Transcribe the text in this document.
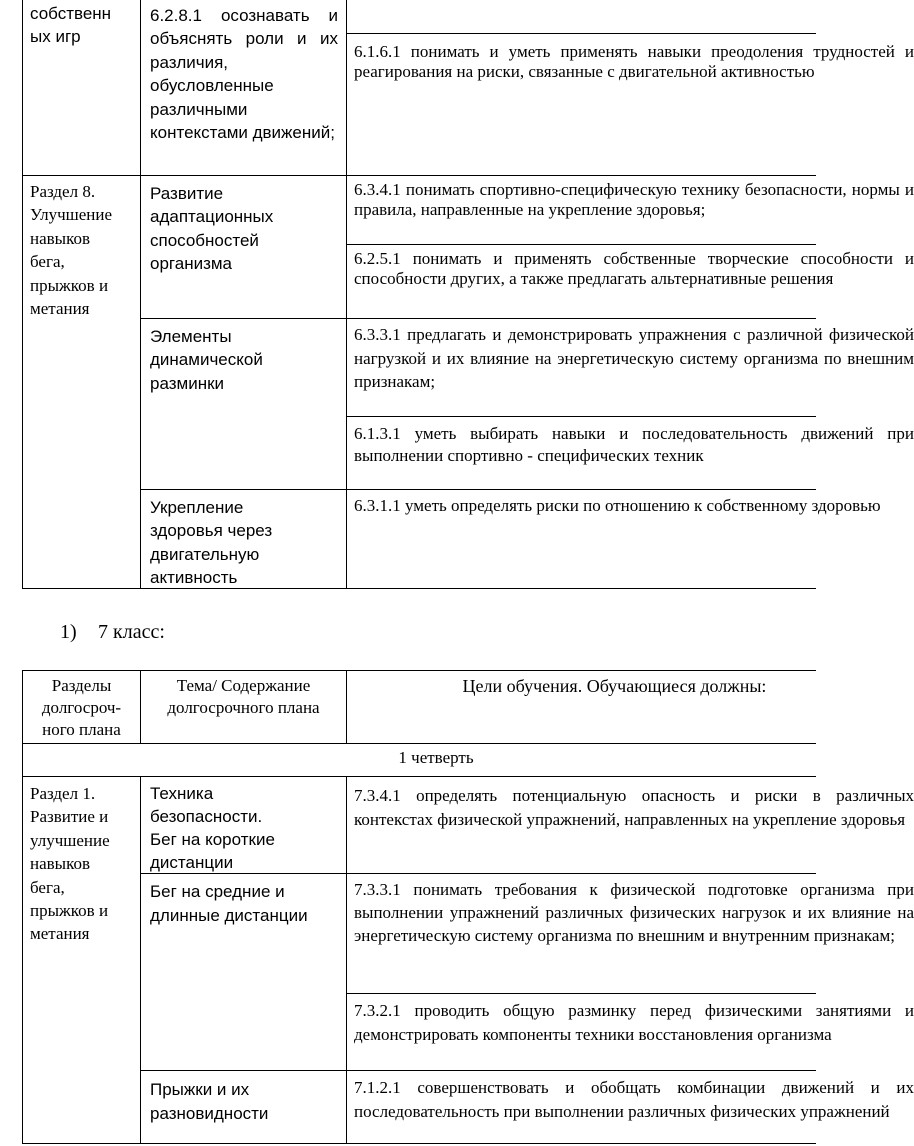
собственн
ых игр
6.2.8.1 осознавать и объяснять роли и их различия, обусловленные различными контекстами движений;
6.1.6.1 понимать и уметь применять навыки преодоления трудностей и реагирования на риски, связанные с двигательной активностью
Раздел 8.
Улучшение
навыков
бега,
прыжков и
метания
Развитие
адаптационных
способностей
организма
6.3.4.1 понимать спортивно-специфическую технику безопасности, нормы и правила, направленные на укрепление здоровья;
6.2.5.1 понимать и применять собственные творческие способности и способности других, а также предлагать альтернативные решения
Элементы
динамической
разминки
6.3.3.1 предлагать и демонстрировать упражнения с различной физической нагрузкой и их влияние на энергетическую систему организма по внешним признакам;
6.1.3.1 уметь выбирать навыки и последовательность движений при выполнении спортивно - специфических техник
Укрепление
здоровья через
двигательную
активность
6.3.1.1 уметь определять риски по отношению к собственному здоровью
1) 7 класс:
Разделы
долгосроч-
ного плана
Тема/ Содержание
долгосрочного плана
Цели обучения. Обучающиеся должны:
1 четверть
Раздел 1.
Развитие и
улучшение
навыков
бега,
прыжков и
метания
Техника
безопасности.
Бег на короткие
дистанции
7.3.4.1 определять потенциальную опасность и риски в различных контекстах физической упражнений, направленных на укрепление здоровья
Бег на средние и
длинные дистанции
7.3.3.1 понимать требования к физической подготовке организма при выполнении упражнений различных физических нагрузок и их влияние на энергетическую систему организма по внешним и внутренним признакам;
7.3.2.1 проводить общую разминку перед физическими занятиями и демонстрировать компоненты техники восстановления организма
Прыжки и их
разновидности
7.1.2.1 совершенствовать и обобщать комбинации движений и их последовательность при выполнении различных физических упражнений
